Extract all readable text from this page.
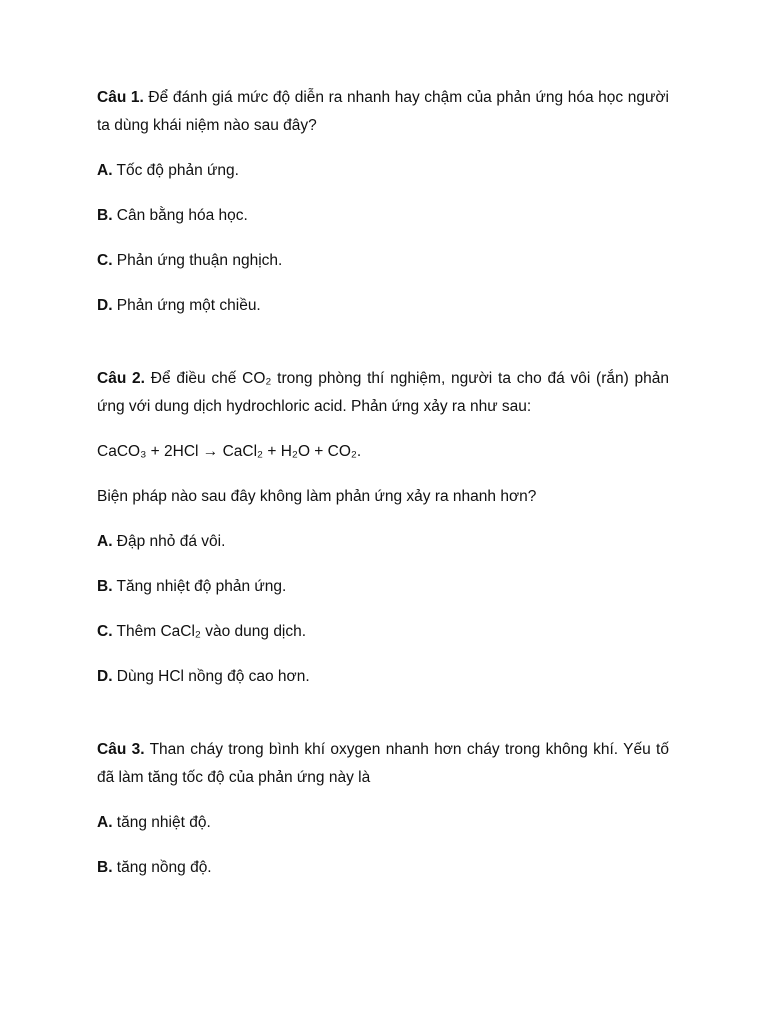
Câu 1. Để đánh giá mức độ diễn ra nhanh hay chậm của phản ứng hóa học người ta dùng khái niệm nào sau đây?

A. Tốc độ phản ứng.

B. Cân bằng hóa học.

C. Phản ứng thuận nghịch.

D. Phản ứng một chiều.

Câu 2. Để điều chế CO₂ trong phòng thí nghiệm, người ta cho đá vôi (rắn) phản ứng với dung dịch hydrochloric acid. Phản ứng xảy ra như sau:

CaCO₃ + 2HCl → CaCl₂ + H₂O + CO₂.

Biện pháp nào sau đây không làm phản ứng xảy ra nhanh hơn?

A. Đập nhỏ đá vôi.

B. Tăng nhiệt độ phản ứng.

C. Thêm CaCl₂ vào dung dịch.

D. Dùng HCl nồng độ cao hơn.

Câu 3. Than cháy trong bình khí oxygen nhanh hơn cháy trong không khí. Yếu tố đã làm tăng tốc độ của phản ứng này là

A. tăng nhiệt độ.

B. tăng nồng độ.
